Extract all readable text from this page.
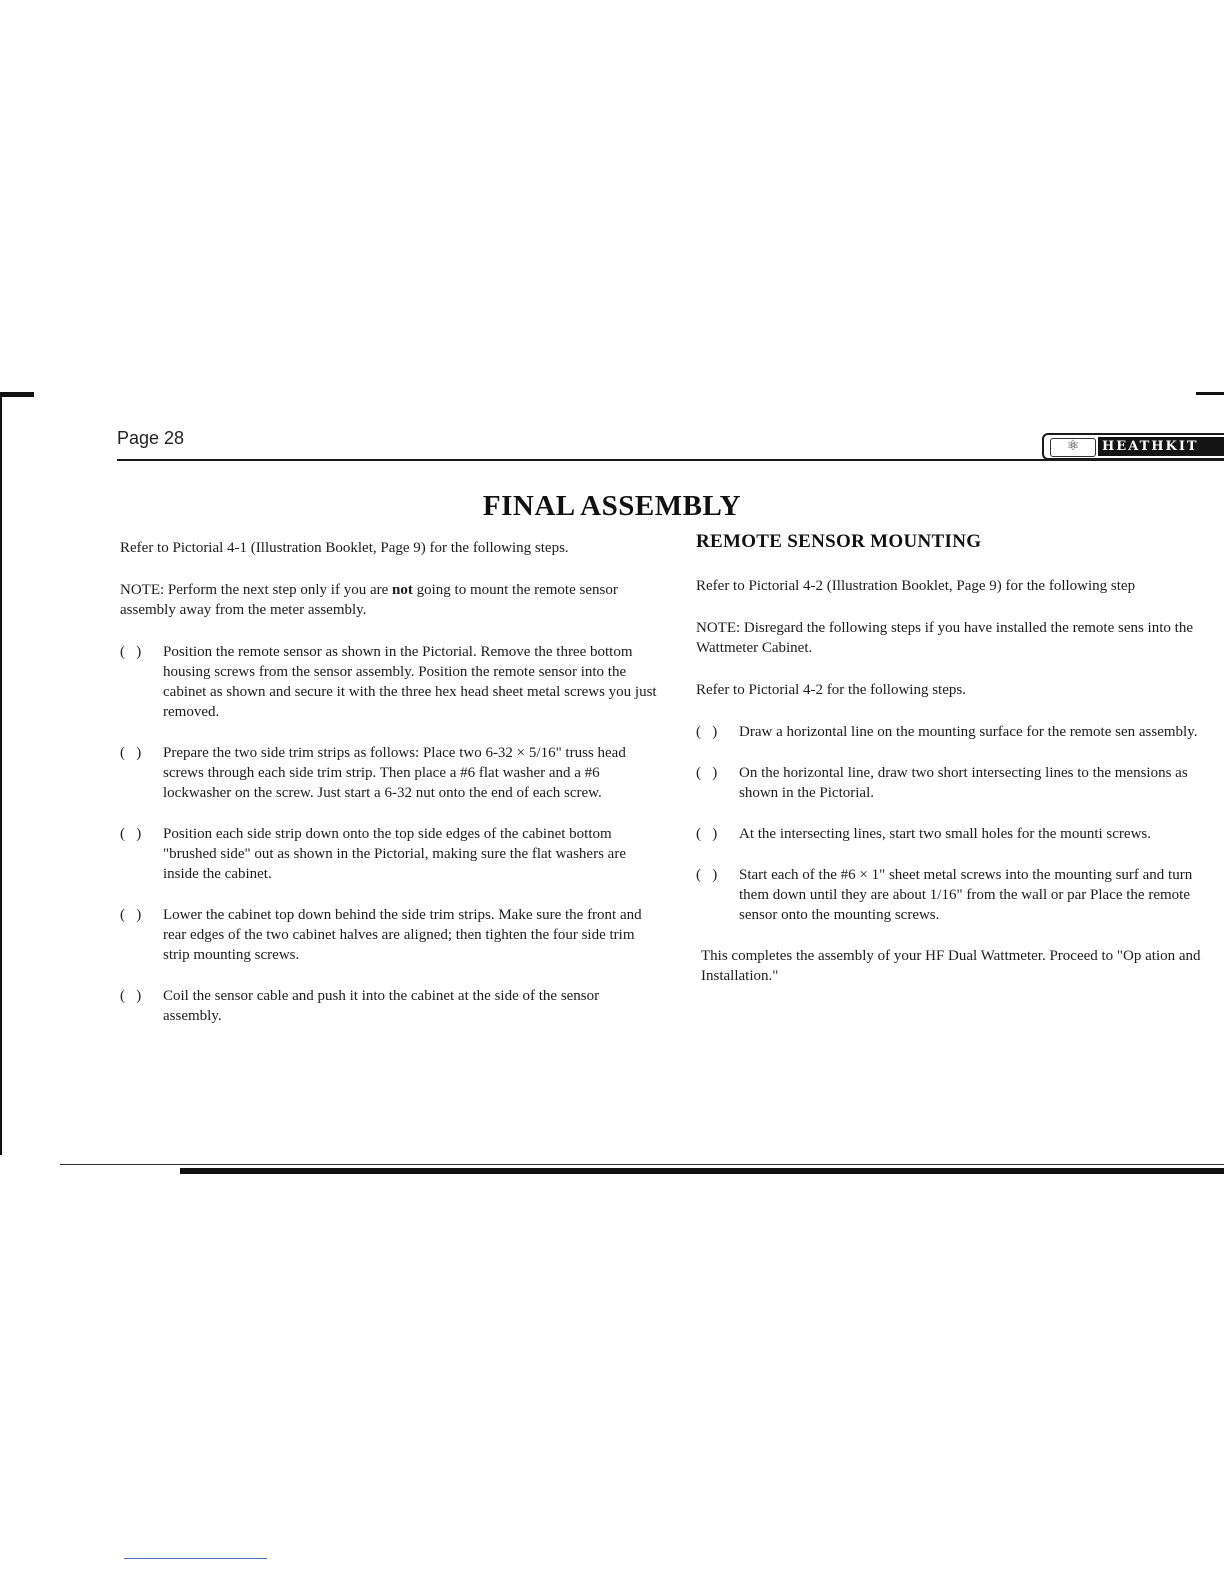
Page 28	⚛	HEATHKIT
FINAL ASSEMBLY

Refer to Pictorial 4-1 (Illustration Booklet, Page 9) for the following steps.

NOTE: Perform the next step only if you are not going to mount the remote sensor assembly away from the meter assembly.

(   )	Position the remote sensor as shown in the Pictorial. Remove the three bottom housing screws from the sensor assembly. Position the remote sensor into the cabinet as shown and secure it with the three hex head sheet metal screws you just removed.
(   )	Prepare the two side trim strips as follows: Place two 6-32 × 5/16" truss head screws through each side trim strip. Then place a #6 flat washer and a #6 lockwasher on the screw. Just start a 6-32 nut onto the end of each screw.
(   )	Position each side strip down onto the top side edges of the cabinet bottom "brushed side" out as shown in the Pictorial, making sure the flat washers are inside the cabinet.
(   )	Lower the cabinet top down behind the side trim strips. Make sure the front and rear edges of the two cabinet halves are aligned; then tighten the four side trim strip mounting screws.
(   )	Coil the sensor cable and push it into the cabinet at the side of the sensor assembly.
REMOTE SENSOR MOUNTING

Refer to Pictorial 4-2 (Illustration Booklet, Page 9) for the following step

NOTE: Disregard the following steps if you have installed the remote sens into the Wattmeter Cabinet.

Refer to Pictorial 4-2 for the following steps.

(   )	Draw a horizontal line on the mounting surface for the remote sen assembly.
(   )	On the horizontal line, draw two short intersecting lines to the mensions as shown in the Pictorial.
(   )	At the intersecting lines, start two small holes for the mounti screws.
(   )	Start each of the #6 × 1" sheet metal screws into the mounting surf and turn them down until they are about 1/16" from the wall or par Place the remote sensor onto the mounting screws.

This completes the assembly of your HF Dual Wattmeter. Proceed to "Op ation and Installation."
